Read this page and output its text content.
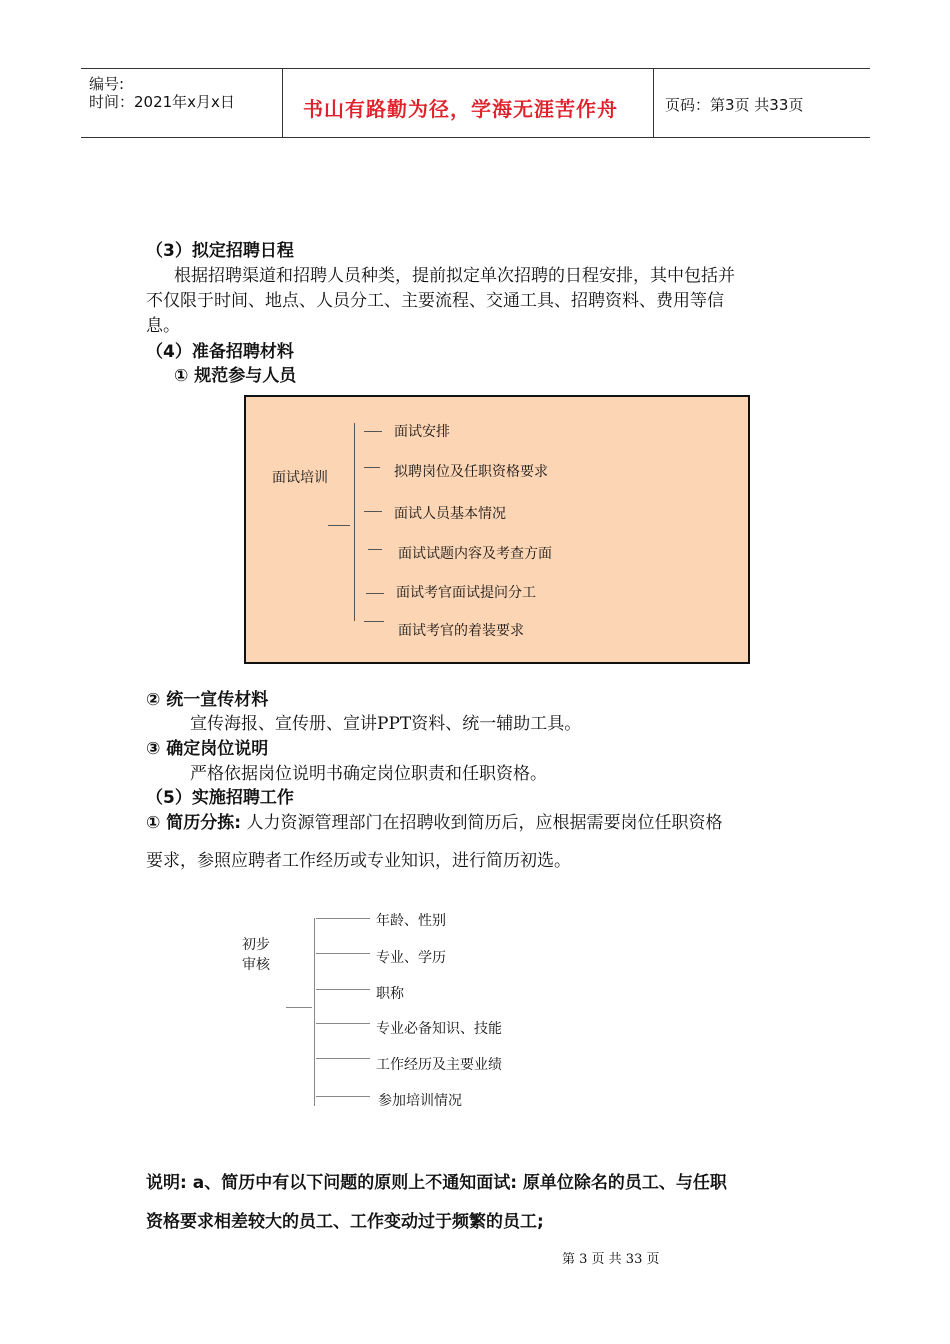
编号:
时间：2021年x月x日	书山有路勤为径，学海无涯苦作舟	页码：第3页 共33页
（3）拟定招聘日程
根据招聘渠道和招聘人员种类，提前拟定单次招聘的日程安排，其中包括并
不仅限于时间、地点、人员分工、主要流程、交通工具、招聘资料、费用等信
息。
（4）准备招聘材料
① 规范参与人员
面试培训
面试安排
拟聘岗位及任职资格要求
面试人员基本情况
面试试题内容及考查方面
面试考官面试提问分工
面试考官的着装要求
② 统一宣传材料
宣传海报、宣传册、宣讲PPT资料、统一辅助工具。
③ 确定岗位说明
严格依据岗位说明书确定岗位职责和任职资格。
（5）实施招聘工作
① 简历分拣: 人力资源管理部门在招聘收到简历后，应根据需要岗位任职资格
要求，参照应聘者工作经历或专业知识，进行简历初选。
初步
审核
年龄、性别
专业、学历
职称
专业必备知识、技能
工作经历及主要业绩
参加培训情况
说明: a、简历中有以下问题的原则上不通知面试: 原单位除名的员工、与任职
资格要求相差较大的员工、工作变动过于频繁的员工;
第 3 页 共 33 页
